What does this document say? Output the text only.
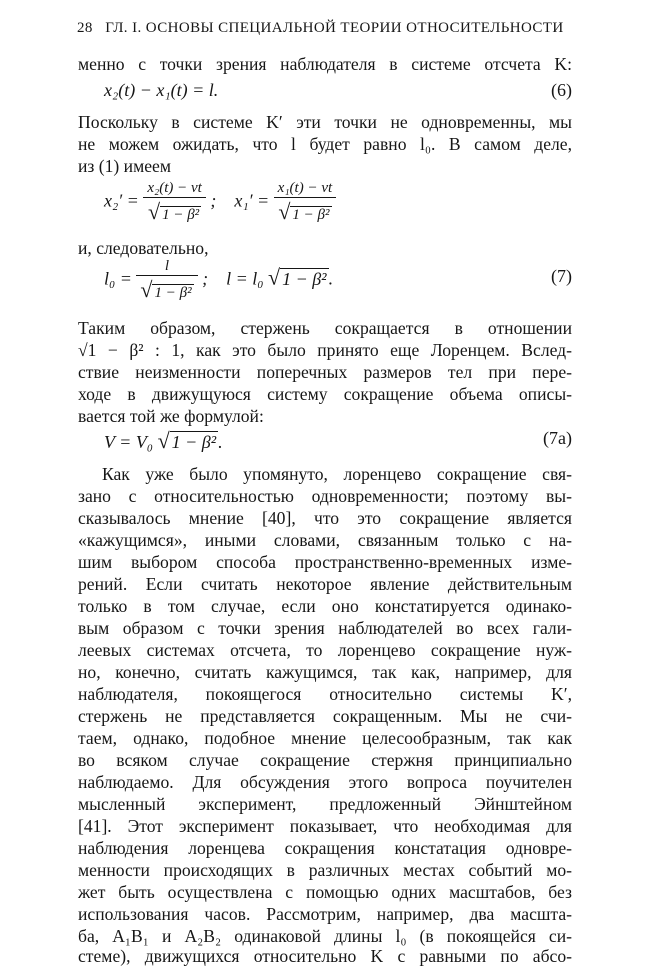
28 ГЛ. I. ОСНОВЫ СПЕЦИАЛЬНОЙ ТЕОРИИ ОТНОСИТЕЛЬНОСТИ
менно с точки зрения наблюдателя в системе отсчета K:
x₂(t) − x₁(t) = l.	(6)
Поскольку в системе K′ эти точки не одновременны, мы
не можем ожидать, что l будет равно l₀. В самом деле,
из (1) имеем
$x_2' = \frac{\text{x₂(t) − vt}}{\text{√ 1 − β²}}$ ; $x_1' = \frac{\text{x₁(t) − vt}}{\text{√ 1 − β²}}$
и, следовательно,
$l_0 = \frac{l}{\text{√ 1 − β²}}$ ; l = l₀ √ 1 − β² .	(7)
Таким образом, стержень сокращается в отношении
√1 − β² : 1, как это было принято еще Лоренцем. Вслед-
ствие неизменности поперечных размеров тел при пере-
ходе в движущуюся систему сокращение объема описы-
вается той же формулой:
V = V₀ √ 1 − β² .	(7a)
Как уже было упомянуто, лоренцево сокращение свя-
зано с относительностью одновременности; поэтому вы-
сказывалось мнение [40], что это сокращение является
«кажущимся», иными словами, связанным только с на-
шим выбором способа пространственно-временных изме-
рений. Если считать некоторое явление действительным
только в том случае, если оно констатируется одинако-
вым образом с точки зрения наблюдателей во всех гали-
леевых системах отсчета, то лоренцево сокращение нуж-
но, конечно, считать кажущимся, так как, например, для
наблюдателя, покоящегося относительно системы K′,
стержень не представляется сокращенным. Мы не счи-
таем, однако, подобное мнение целесообразным, так как
во всяком случае сокращение стержня принципиально
наблюдаемо. Для обсуждения этого вопроса поучителен
мысленный эксперимент, предложенный Эйнштейном
[41]. Этот эксперимент показывает, что необходимая для
наблюдения лоренцева сокращения констатация одновре-
менности происходящих в различных местах событий мо-
жет быть осуществлена с помощью одних масштабов, без
использования часов. Рассмотрим, например, два масшта-
ба, A₁B₁ и A₂B₂ одинаковой длины l₀ (в покоящейся си-
стеме), движущихся относительно K с равными по абсо-
